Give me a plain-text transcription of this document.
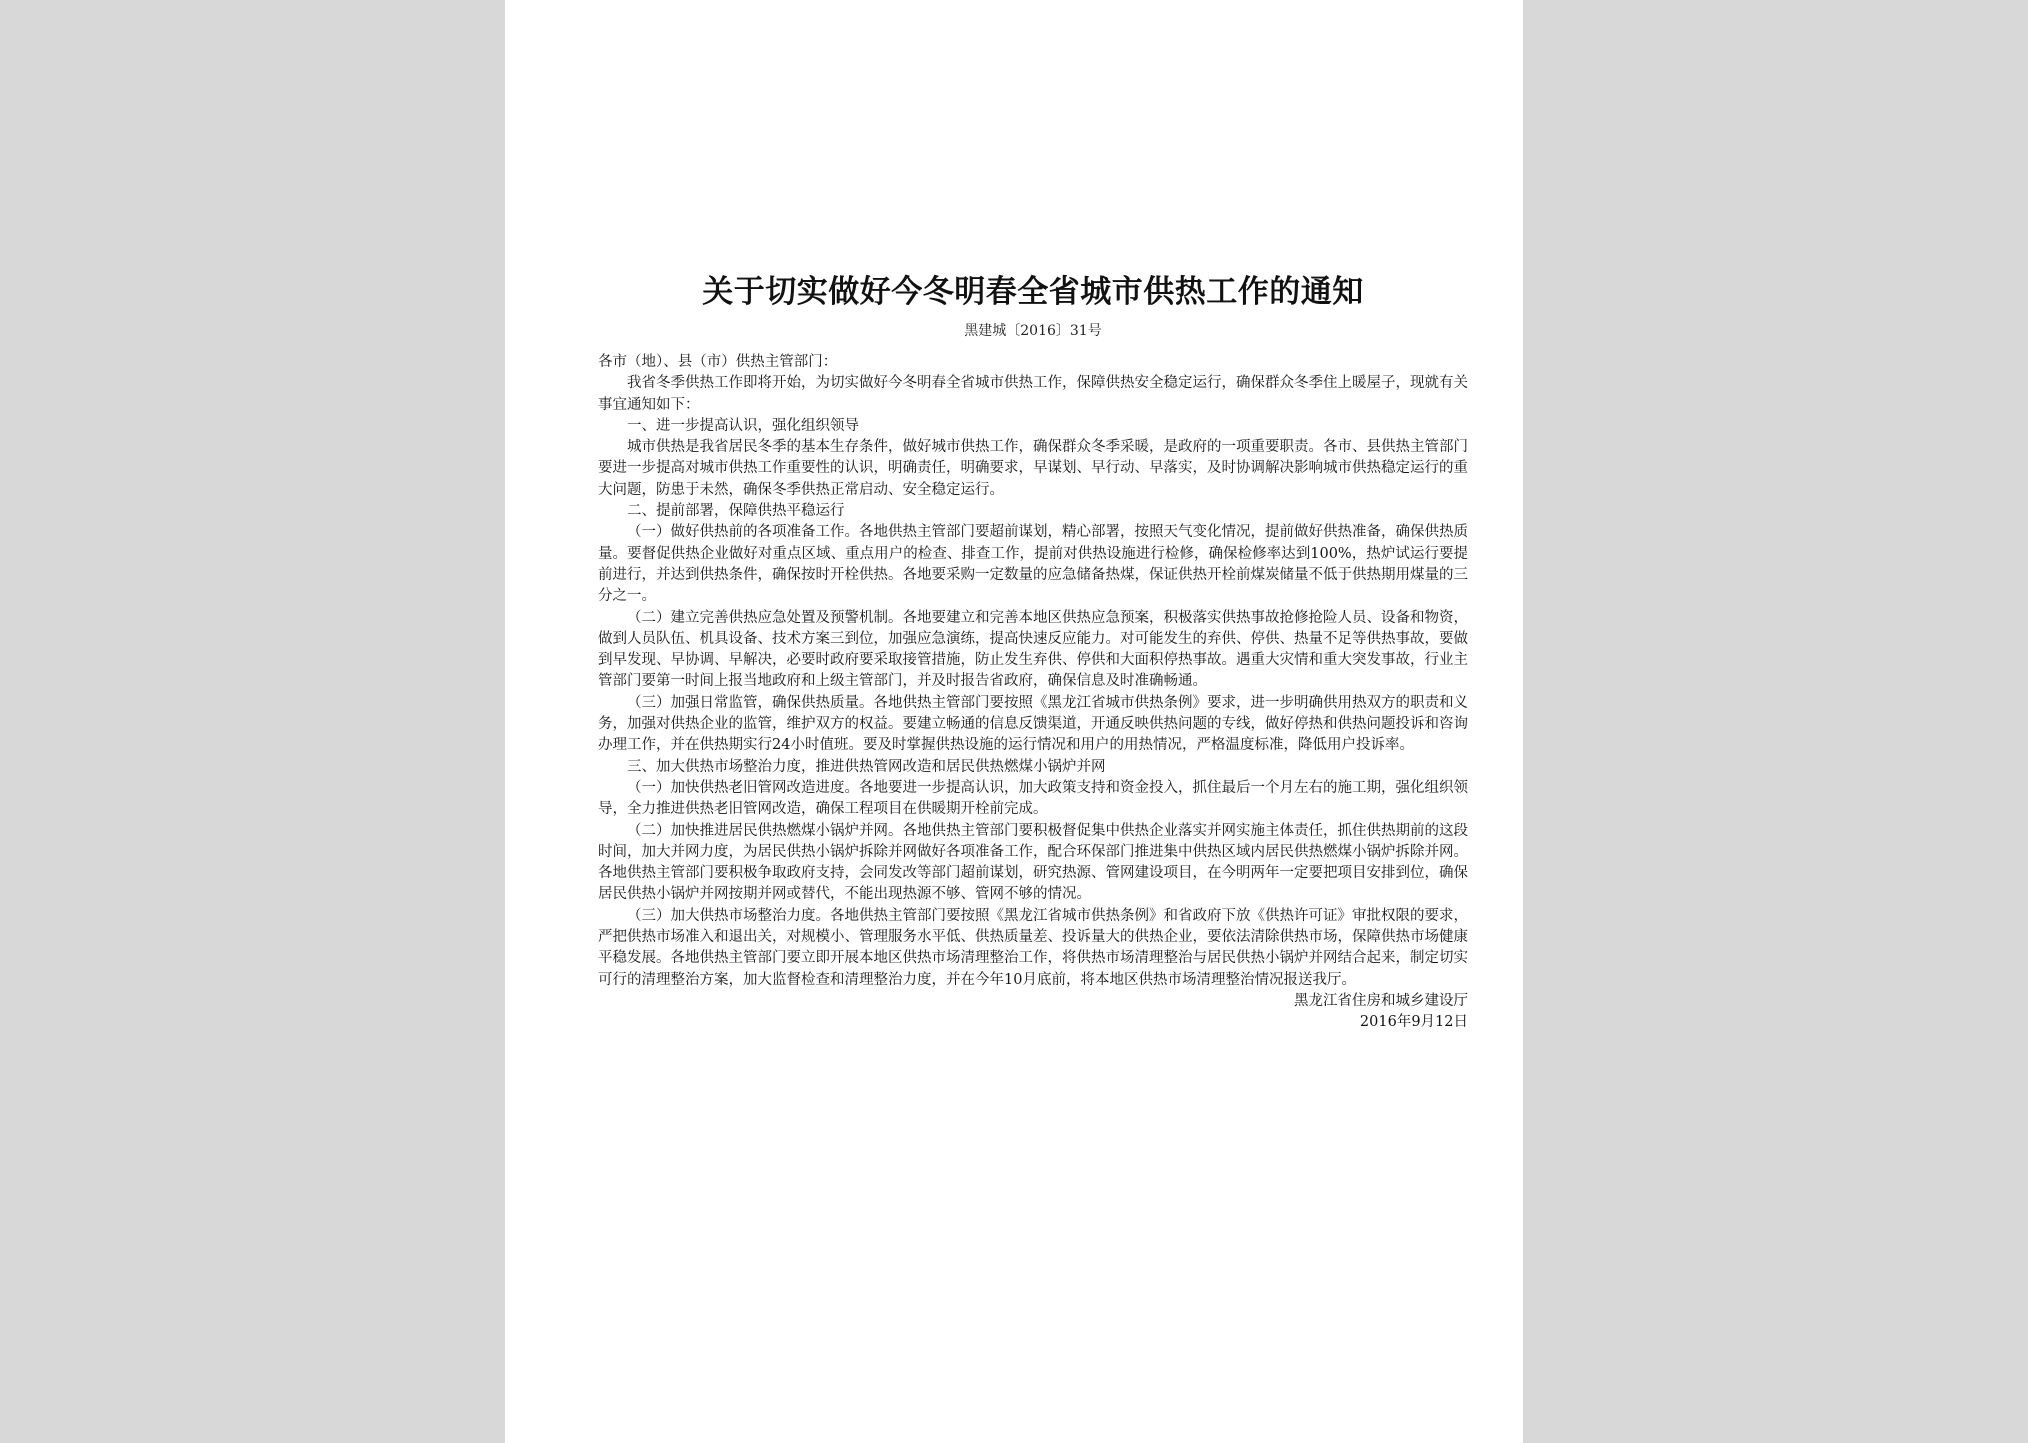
关于切实做好今冬明春全省城市供热工作的通知
黑建城〔2016〕31号

各市（地）、县（市）供热主管部门：

我省冬季供热工作即将开始，为切实做好今冬明春全省城市供热工作，保障供热安全稳定运行，确保群众冬季住上暖屋子，现就有关事宜通知如下：

一、进一步提高认识，强化组织领导

城市供热是我省居民冬季的基本生存条件，做好城市供热工作，确保群众冬季采暖，是政府的一项重要职责。各市、县供热主管部门要进一步提高对城市供热工作重要性的认识，明确责任，明确要求，早谋划、早行动、早落实，及时协调解决影响城市供热稳定运行的重大问题，防患于未然，确保冬季供热正常启动、安全稳定运行。

二、提前部署，保障供热平稳运行

（一）做好供热前的各项准备工作。各地供热主管部门要超前谋划，精心部署，按照天气变化情况，提前做好供热准备，确保供热质量。要督促供热企业做好对重点区域、重点用户的检查、排查工作，提前对供热设施进行检修，确保检修率达到100%，热炉试运行要提前进行，并达到供热条件，确保按时开栓供热。各地要采购一定数量的应急储备热煤，保证供热开栓前煤炭储量不低于供热期用煤量的三分之一。

（二）建立完善供热应急处置及预警机制。各地要建立和完善本地区供热应急预案，积极落实供热事故抢修抢险人员、设备和物资，做到人员队伍、机具设备、技术方案三到位，加强应急演练，提高快速反应能力。对可能发生的弃供、停供、热量不足等供热事故，要做到早发现、早协调、早解决，必要时政府要采取接管措施，防止发生弃供、停供和大面积停热事故。遇重大灾情和重大突发事故，行业主管部门要第一时间上报当地政府和上级主管部门，并及时报告省政府，确保信息及时准确畅通。

（三）加强日常监管，确保供热质量。各地供热主管部门要按照《黑龙江省城市供热条例》要求，进一步明确供用热双方的职责和义务，加强对供热企业的监管，维护双方的权益。要建立畅通的信息反馈渠道，开通反映供热问题的专线，做好停热和供热问题投诉和咨询办理工作，并在供热期实行24小时值班。要及时掌握供热设施的运行情况和用户的用热情况，严格温度标准，降低用户投诉率。

三、加大供热市场整治力度，推进供热管网改造和居民供热燃煤小锅炉并网

（一）加快供热老旧管网改造进度。各地要进一步提高认识，加大政策支持和资金投入，抓住最后一个月左右的施工期，强化组织领导，全力推进供热老旧管网改造，确保工程项目在供暖期开栓前完成。

（二）加快推进居民供热燃煤小锅炉并网。各地供热主管部门要积极督促集中供热企业落实并网实施主体责任，抓住供热期前的这段时间，加大并网力度，为居民供热小锅炉拆除并网做好各项准备工作，配合环保部门推进集中供热区域内居民供热燃煤小锅炉拆除并网。各地供热主管部门要积极争取政府支持，会同发改等部门超前谋划，研究热源、管网建设项目，在今明两年一定要把项目安排到位，确保居民供热小锅炉并网按期并网或替代，不能出现热源不够、管网不够的情况。

（三）加大供热市场整治力度。各地供热主管部门要按照《黑龙江省城市供热条例》和省政府下放《供热许可证》审批权限的要求，严把供热市场准入和退出关，对规模小、管理服务水平低、供热质量差、投诉量大的供热企业，要依法清除供热市场，保障供热市场健康平稳发展。各地供热主管部门要立即开展本地区供热市场清理整治工作，将供热市场清理整治与居民供热小锅炉并网结合起来，制定切实可行的清理整治方案，加大监督检查和清理整治力度，并在今年10月底前，将本地区供热市场清理整治情况报送我厅。

黑龙江省住房和城乡建设厅

2016年9月12日
